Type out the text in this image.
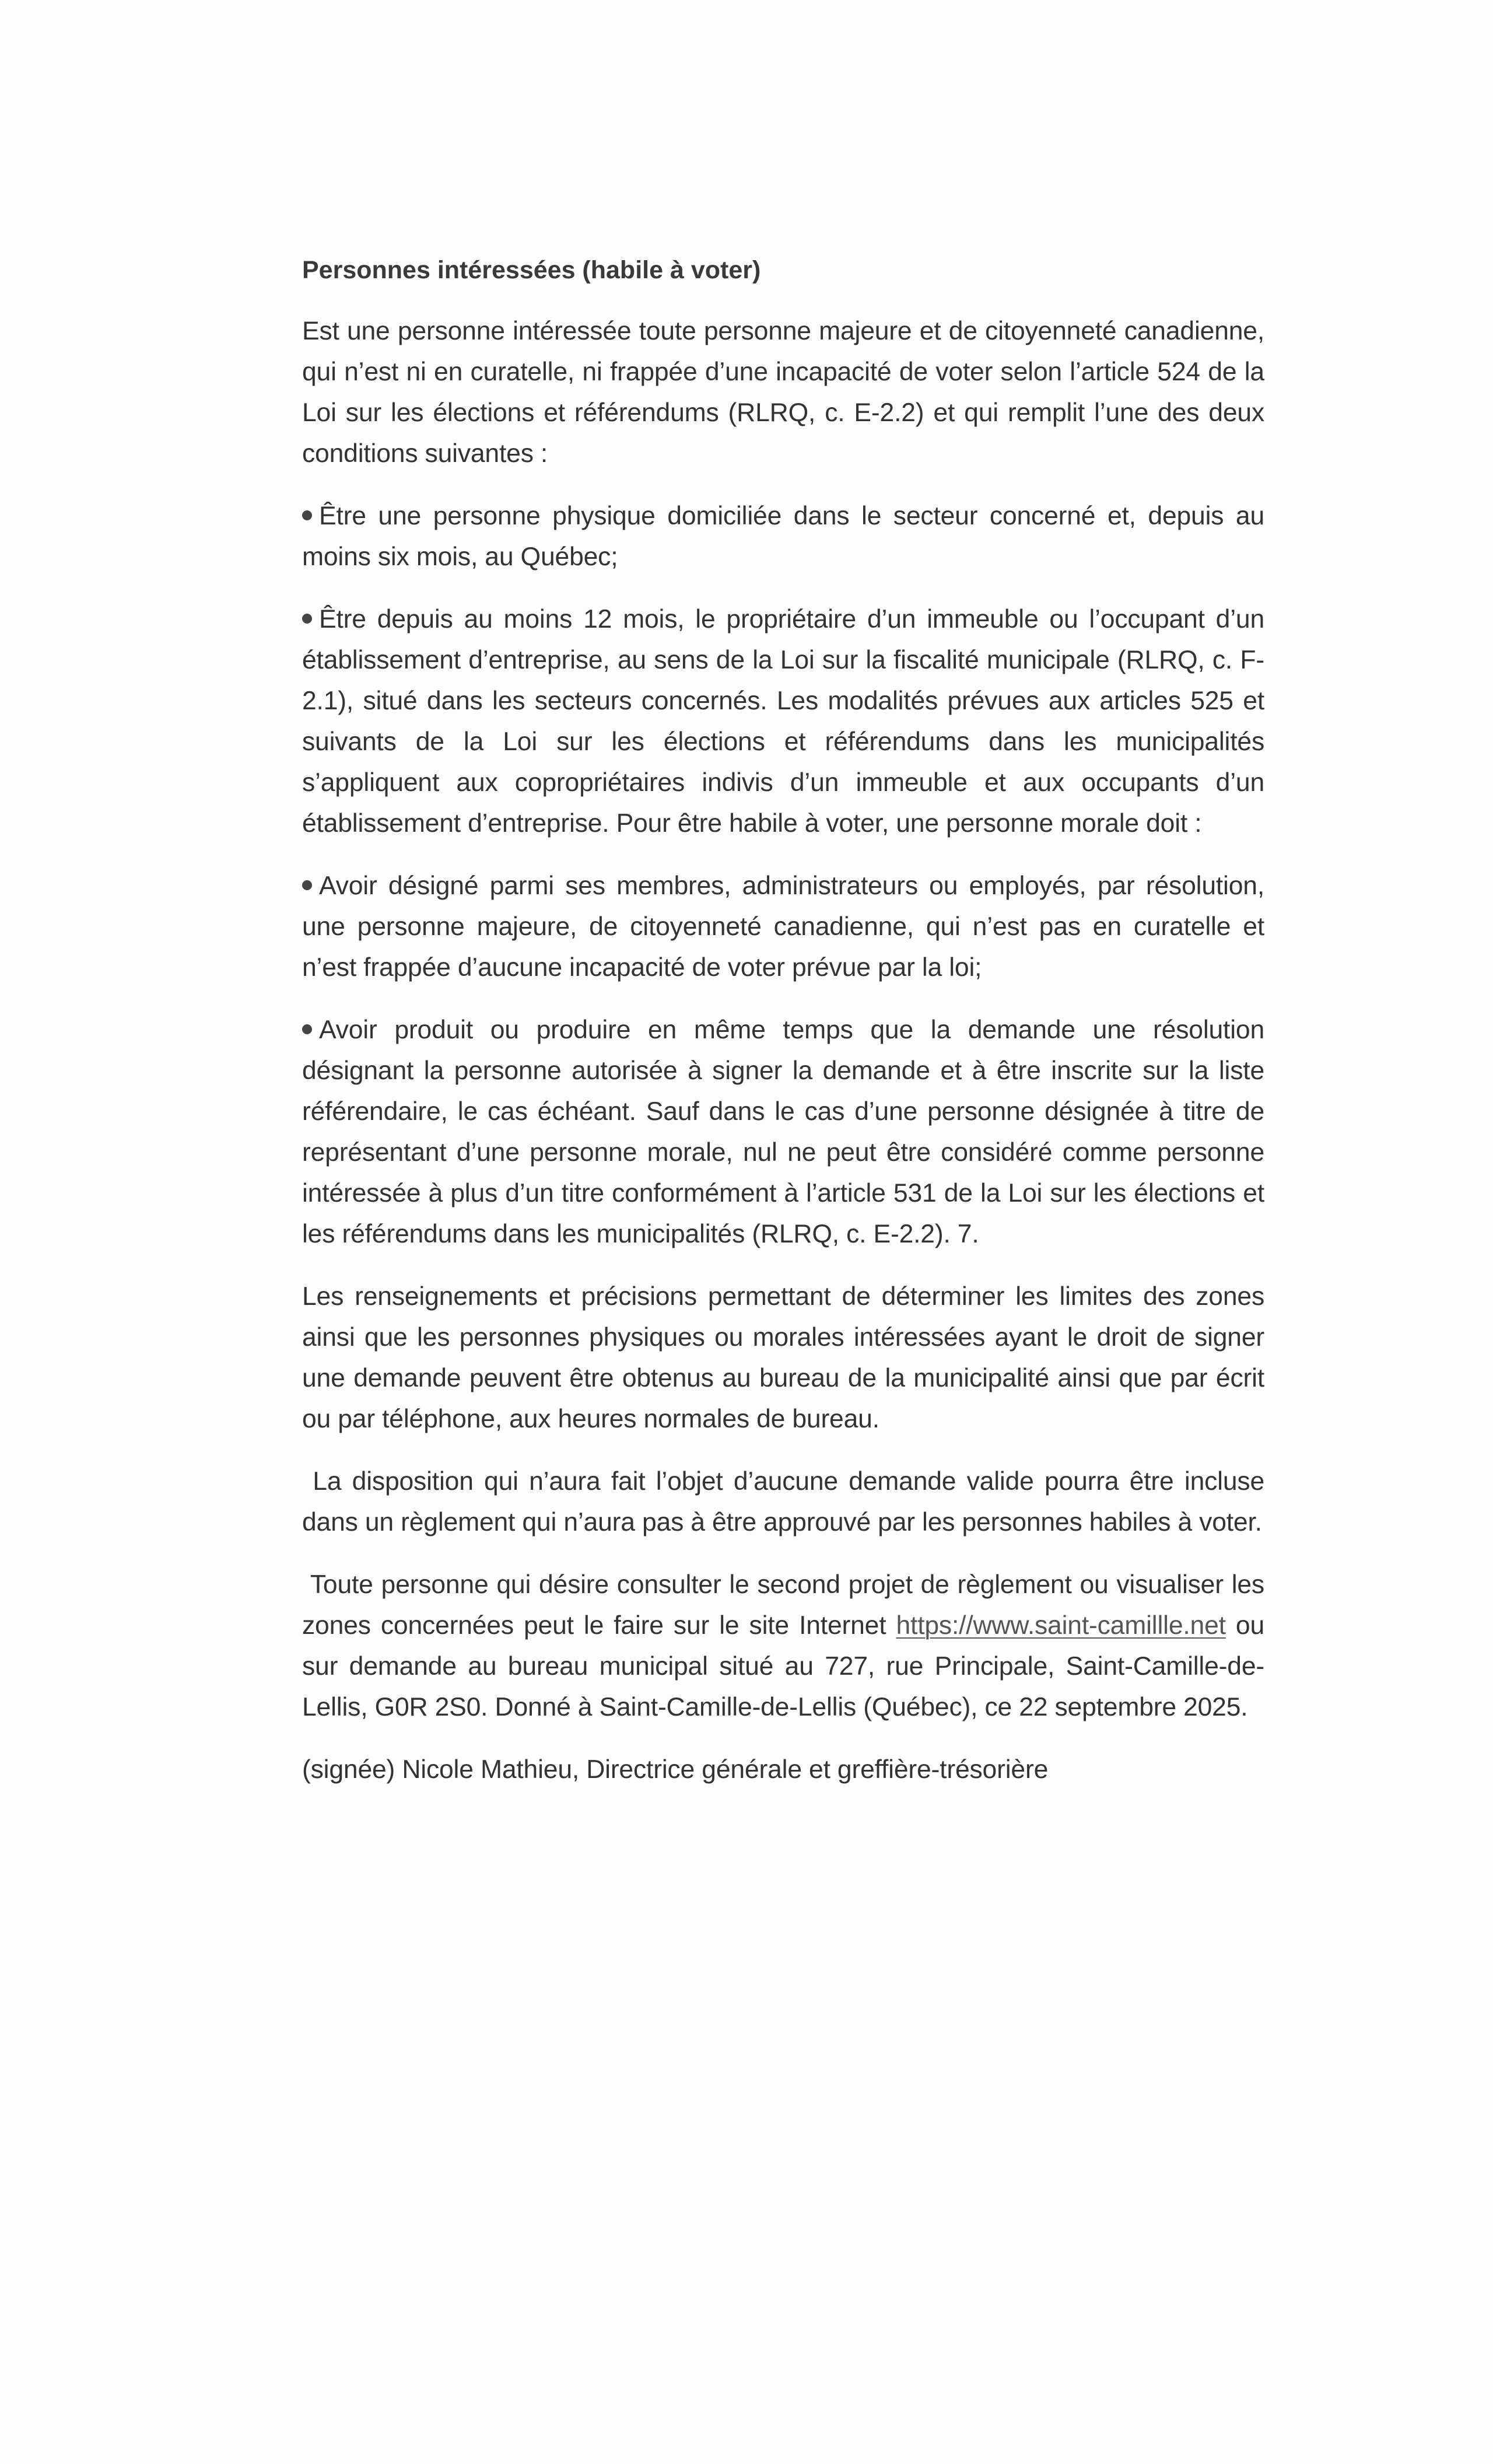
Personnes intéressées (habile à voter)

Est une personne intéressée toute personne majeure et de citoyenneté canadienne, qui n’est ni en curatelle, ni frappée d’une incapacité de voter selon l’article 524 de la Loi sur les élections et référendums (RLRQ, c. E-2.2) et qui remplit l’une des deux conditions suivantes :

Être une personne physique domiciliée dans le secteur concerné et, depuis au moins six mois, au Québec;

Être depuis au moins 12 mois, le propriétaire d’un immeuble ou l’occupant d’un établissement d’entreprise, au sens de la Loi sur la fiscalité municipale (RLRQ, c. F-2.1), situé dans les secteurs concernés. Les modalités prévues aux articles 525 et suivants de la Loi sur les élections et référendums dans les municipalités s’appliquent aux copropriétaires indivis d’un immeuble et aux occupants d’un établissement d’entreprise. Pour être habile à voter, une personne morale doit :

Avoir désigné parmi ses membres, administrateurs ou employés, par résolution, une personne majeure, de citoyenneté canadienne, qui n’est pas en curatelle et n’est frappée d’aucune incapacité de voter prévue par la loi;

Avoir produit ou produire en même temps que la demande une résolution désignant la personne autorisée à signer la demande et à être inscrite sur la liste référendaire, le cas échéant. Sauf dans le cas d’une personne désignée à titre de représentant d’une personne morale, nul ne peut être considéré comme personne intéressée à plus d’un titre conformément à l’article 531 de la Loi sur les élections et les référendums dans les municipalités (RLRQ, c. E-2.2). 7.

Les renseignements et précisions permettant de déterminer les limites des zones ainsi que les personnes physiques ou morales intéressées ayant le droit de signer une demande peuvent être obtenus au bureau de la municipalité ainsi que par écrit ou par téléphone, aux heures normales de bureau.

La disposition qui n’aura fait l’objet d’aucune demande valide pourra être incluse dans un règlement qui n’aura pas à être approuvé par les personnes habiles à voter.

Toute personne qui désire consulter le second projet de règlement ou visualiser les zones concernées peut le faire sur le site Internet https://www.saint-camillle.net ou sur demande au bureau municipal situé au 727, rue Principale, Saint-Camille-de-Lellis, G0R 2S0. Donné à Saint-Camille-de-Lellis (Québec), ce 22 septembre 2025.

(signée) Nicole Mathieu, Directrice générale et greffière-trésorière
